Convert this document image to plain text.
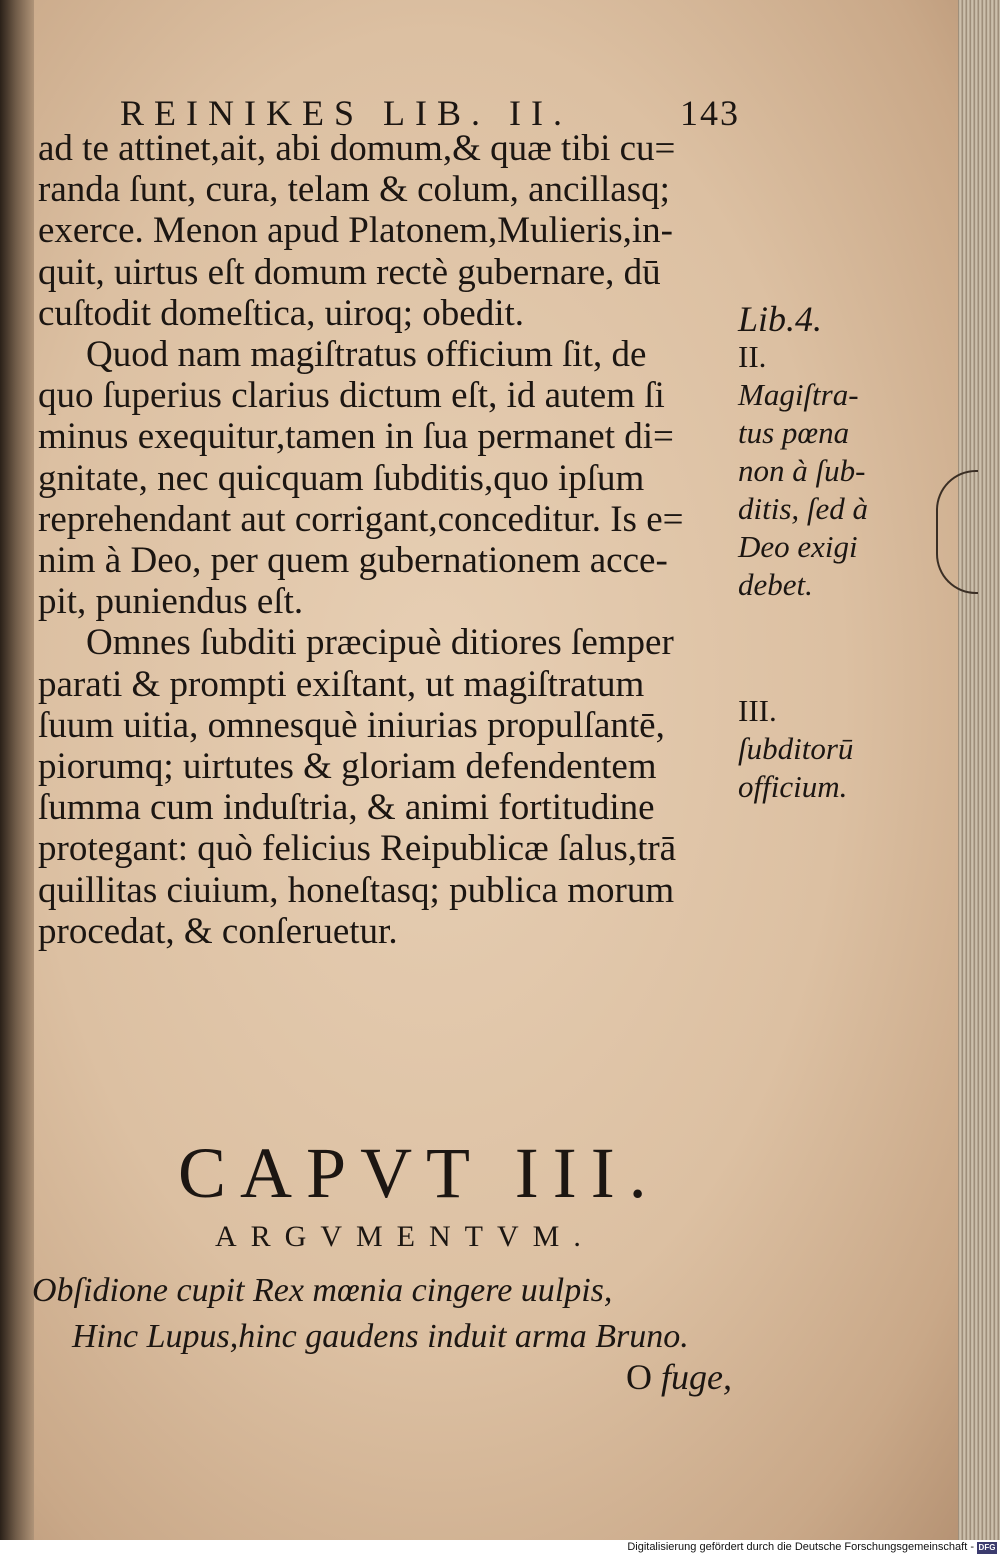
REINIKES LIB. II.	143

ad te attinet,ait, abi domum,& quæ tibi cu=
randa ſunt, cura, telam & colum, ancillasq;
exerce. Menon apud Platonem,Mulieris,in-
quit, uirtus eſt domum rectè gubernare, dū
cuſtodit domeſtica, uiroq; obedit.

Quod nam magiſtratus officium ſit, de
quo ſuperius clarius dictum eſt, id autem ſi
minus exequitur,tamen in ſua permanet di=
gnitate, nec quicquam ſubditis,quo ipſum
reprehendant aut corrigant,conceditur. Is e=
nim à Deo, per quem gubernationem acce-
pit, puniendus eſt.

Omnes ſubditi præcipuè ditiores ſemper
parati & prompti exiſtant, ut magiſtratum
ſuum uitia, omnesquè iniurias propulſantē,
piorumq; uirtutes & gloriam defendentem
ſumma cum induſtria, & animi fortitudine
protegant: quò felicius Reipublicæ ſalus,trā
quillitas ciuium, honeſtasq; publica morum
procedat, & conſeruetur.

Lib.4.
II.
Magiſtra-
tus pœna
non à ſub-
ditis, ſed à
Deo exigi
debet.
III.
ſubditorū
officium.
CAPVT III.
ARGVMENTVM.
Obſidione cupit Rex mœnia cingere uulpis,
Hinc Lupus,hinc gaudens induit arma Bruno.
O fuge,
Digitalisierung gefördert durch die Deutsche Forschungsgemeinschaft - DFG
